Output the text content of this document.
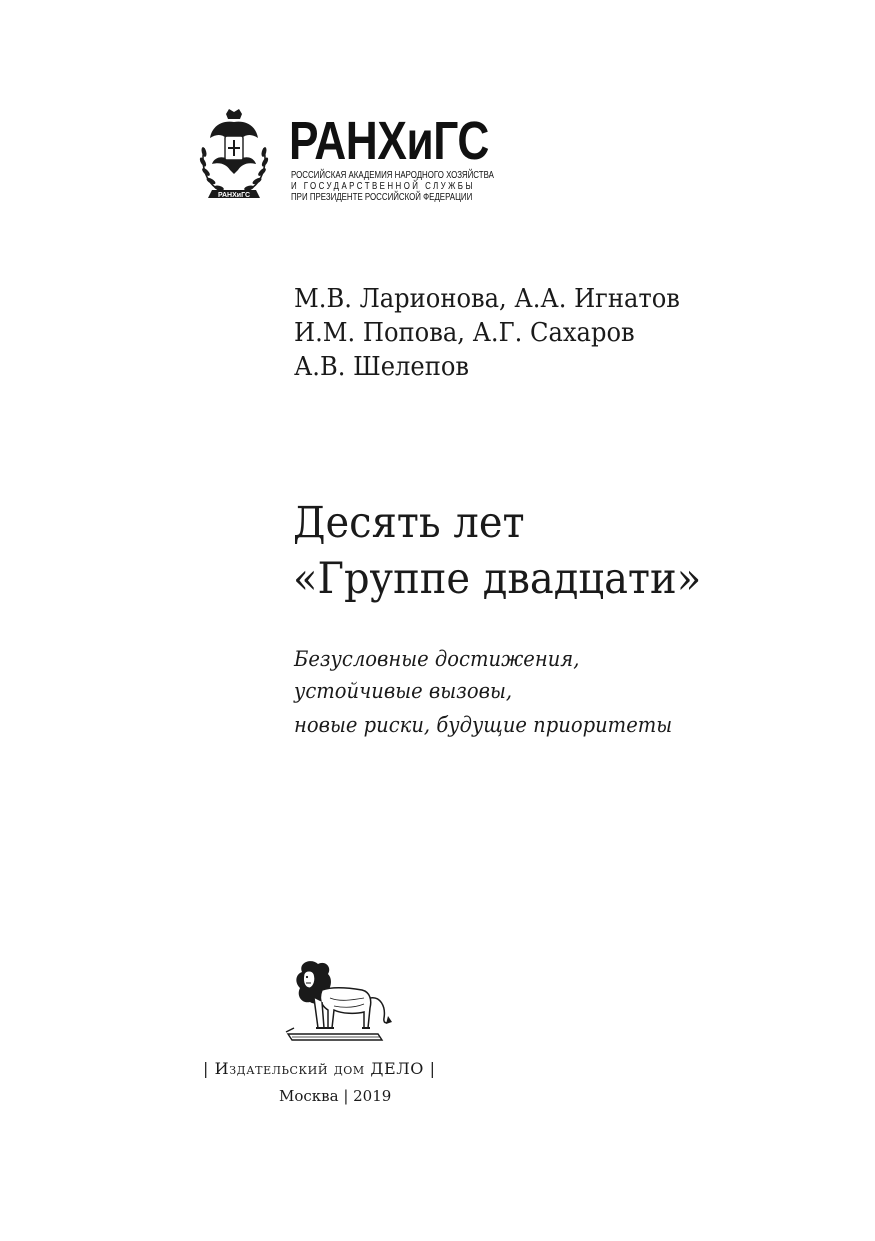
РАНХиГС
РАНХиГС
РОССИЙСКАЯ АКАДЕМИЯ НАРОДНОГО ХОЗЯЙСТВА
И ГОСУДАРСТВЕННОЙ СЛУЖБЫ
ПРИ ПРЕЗИДЕНТЕ РОССИЙСКОЙ ФЕДЕРАЦИИ
М.В. Ларионова, А.А. Игнатов
И.М. Попова, А.Г. Сахаров
А.В. Шелепов
Десять лет
«Группе двадцати»
Безусловные достижения,
устойчивые вызовы,
новые риски, будущие приоритеты
| Издательский дом ДЕЛО |
Москва | 2019
